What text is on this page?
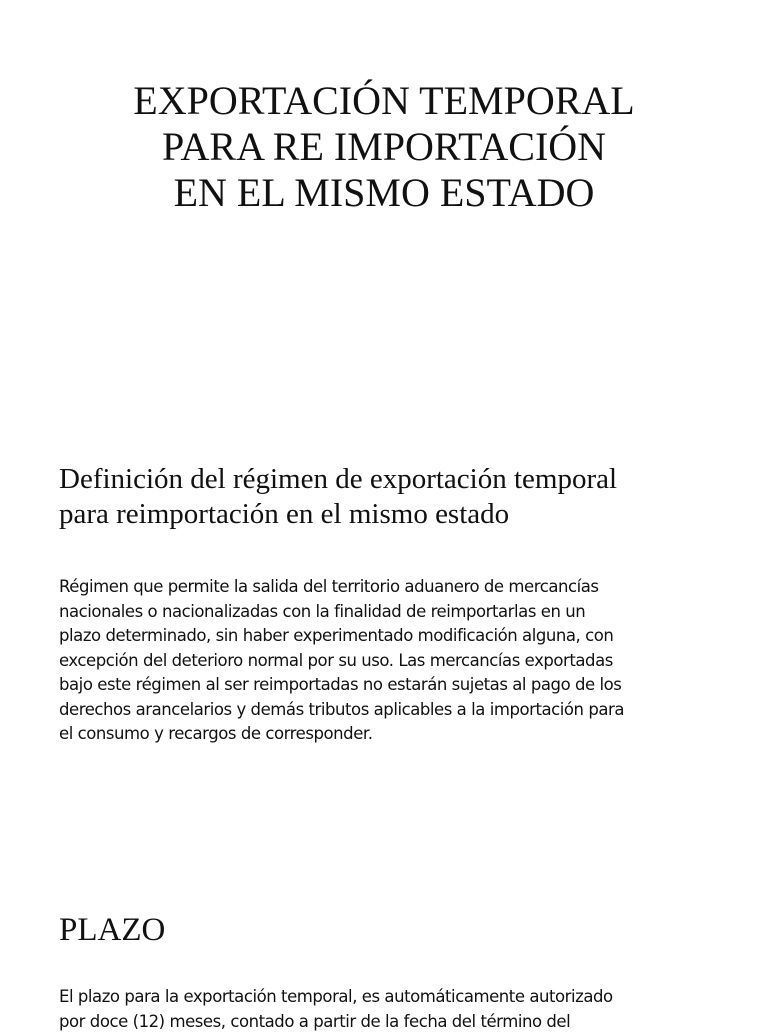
EXPORTACIÓN TEMPORAL
PARA RE IMPORTACIÓN
EN EL MISMO ESTADO
Definición del régimen de exportación temporal
para reimportación en el mismo estado

Régimen que permite la salida del territorio aduanero de mercancías
nacionales o nacionalizadas con la finalidad de reimportarlas en un
plazo determinado, sin haber experimentado modificación alguna, con
excepción del deterioro normal por su uso. Las mercancías exportadas
bajo este régimen al ser reimportadas no estarán sujetas al pago de los
derechos arancelarios y demás tributos aplicables a la importación para
el consumo y recargos de corresponder.

PLAZO

El plazo para la exportación temporal, es automáticamente autorizado
por doce (12) meses, contado a partir de la fecha del término del
